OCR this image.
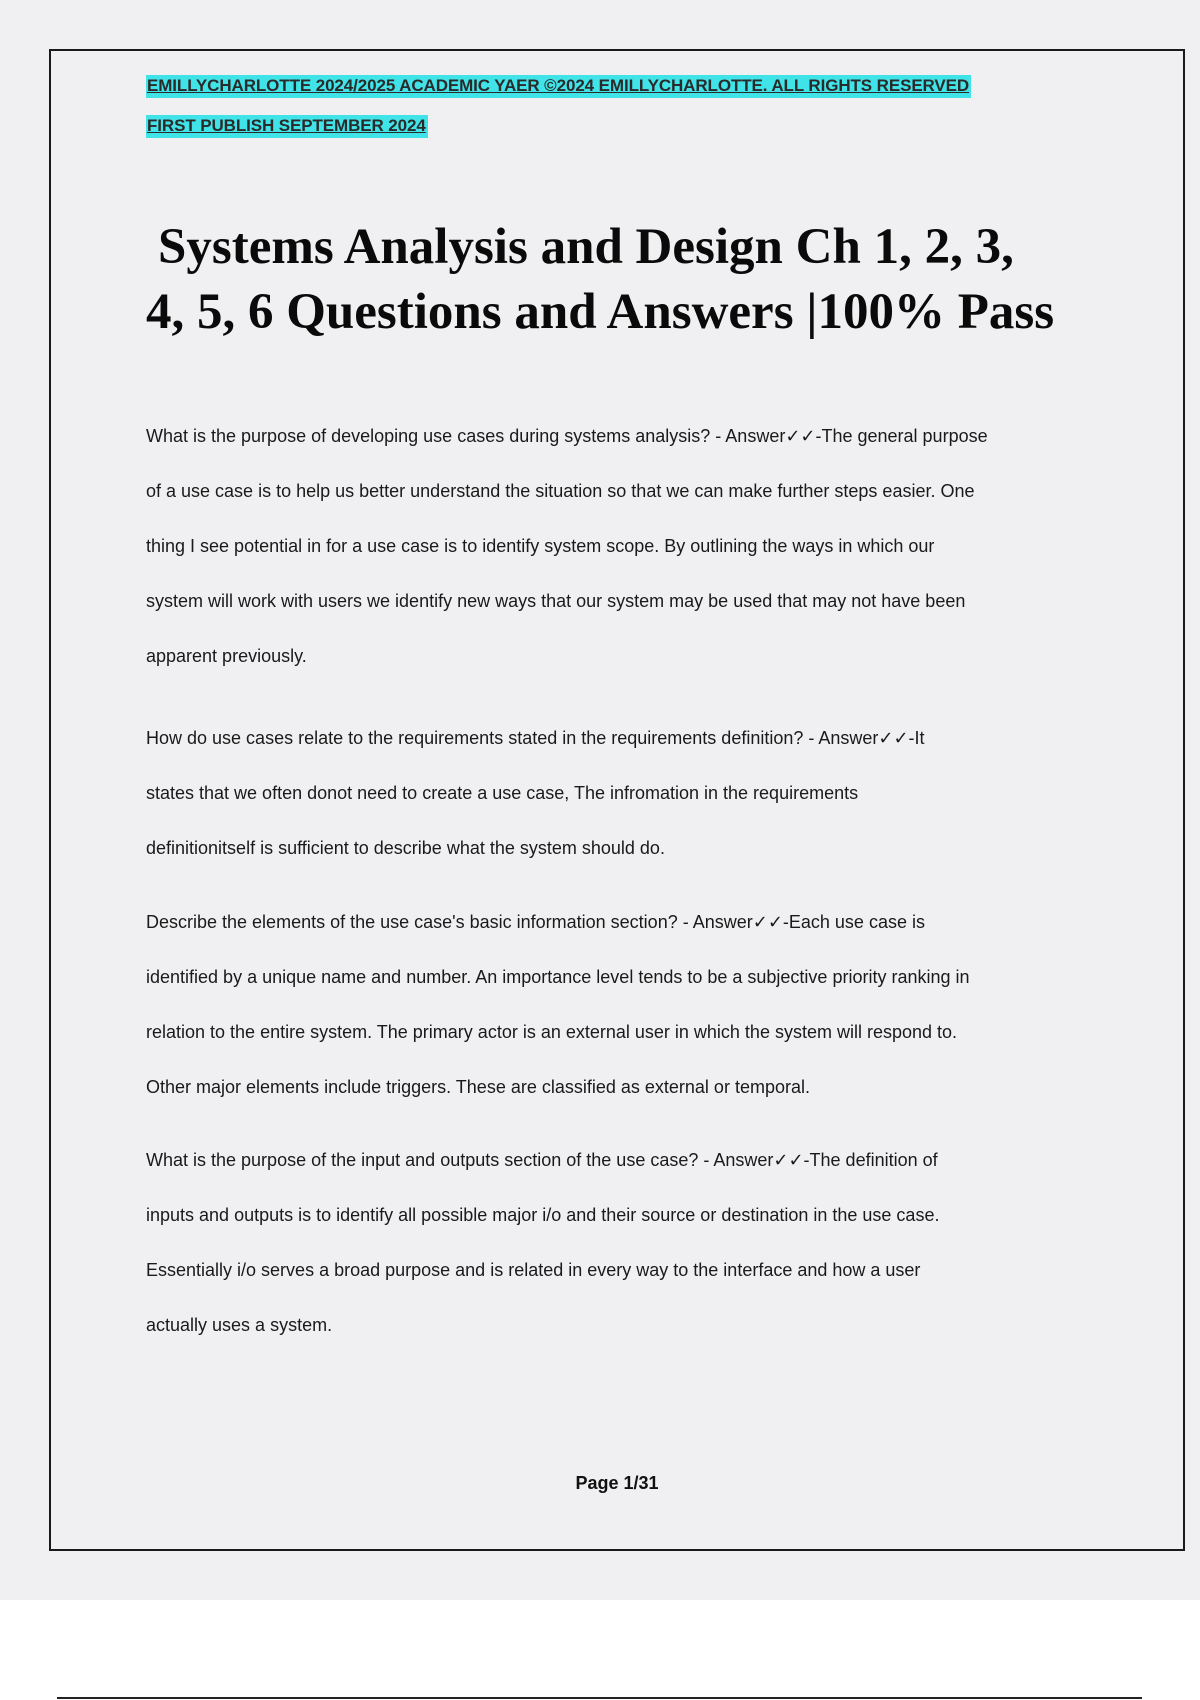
EMILLYCHARLOTTE 2024/2025 ACADEMIC YAER ©2024 EMILLYCHARLOTTE. ALL RIGHTS RESERVED
FIRST PUBLISH SEPTEMBER 2024
Systems Analysis and Design Ch 1, 2, 3,
4, 5, 6 Questions and Answers |100% Pass
What is the purpose of developing use cases during systems analysis? - Answer✓✓-The general purpose
of a use case is to help us better understand the situation so that we can make further steps easier. One
thing I see potential in for a use case is to identify system scope. By outlining the ways in which our
system will work with users we identify new ways that our system may be used that may not have been
apparent previously.
How do use cases relate to the requirements stated in the requirements definition? - Answer✓✓-It
states that we often donot need to create a use case, The infromation in the requirements
definitionitself is sufficient to describe what the system should do.
Describe the elements of the use case's basic information section? - Answer✓✓-Each use case is
identified by a unique name and number. An importance level tends to be a subjective priority ranking in
relation to the entire system. The primary actor is an external user in which the system will respond to.
Other major elements include triggers. These are classified as external or temporal.
What is the purpose of the input and outputs section of the use case? - Answer✓✓-The definition of
inputs and outputs is to identify all possible major i/o and their source or destination in the use case.
Essentially i/o serves a broad purpose and is related in every way to the interface and how a user
actually uses a system.
Page 1/31
